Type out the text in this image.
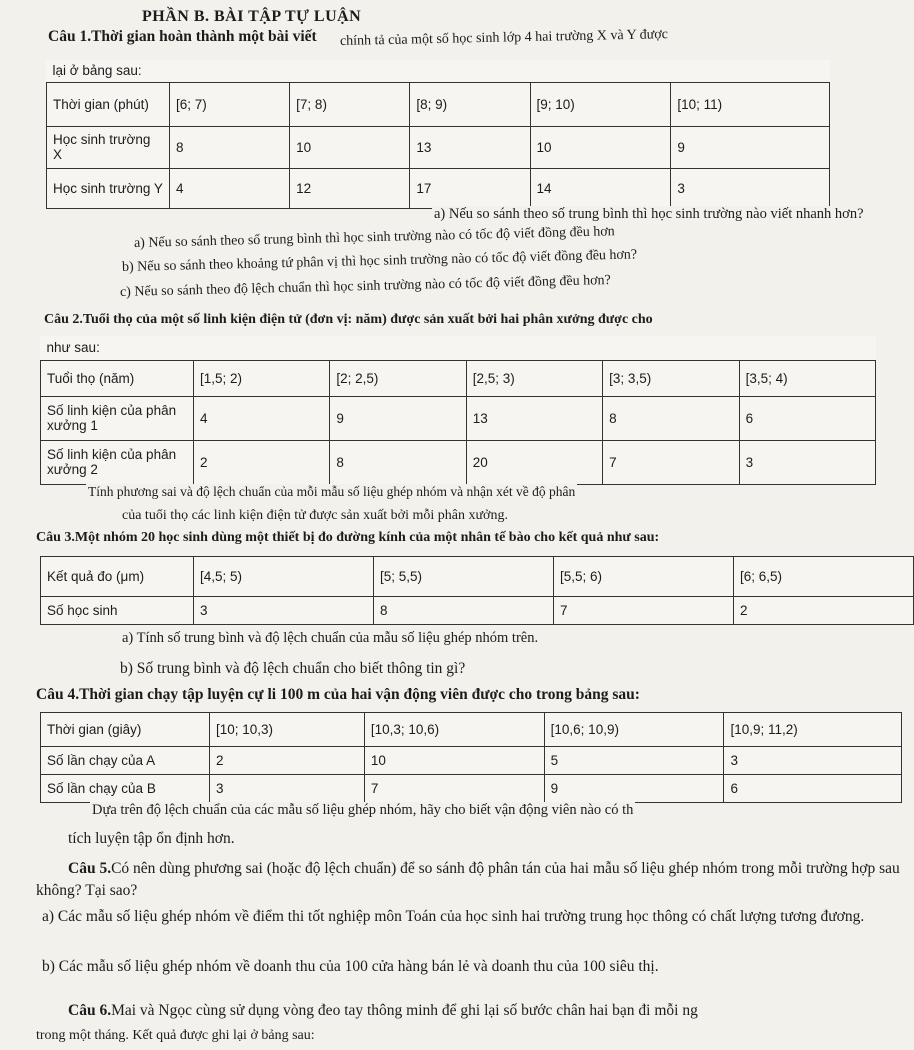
PHẦN B. BÀI TẬP TỰ LUẬN
Câu 1.Thời gian hoàn thành một bài viết chính tả của một số học sinh lớp 4 hai trường X và Y được
lại ở bảng sau:					
Thời gian (phút)	[6; 7)	[7; 8)	[8; 9)	[9; 10)	[10; 11)
Học sinh trường X	8	10	13	10	9
Học sinh trường Y	4	12	17	14	3
a) Nếu so sánh theo số trung bình thì học sinh trường nào viết nhanh hơn?
a) Nếu so sánh theo số trung bình thì học sinh trường nào có tốc độ viết đồng đều hơn
b) Nếu so sánh theo khoảng tứ phân vị thì học sinh trường nào có tốc độ viết đồng đều hơn?
c) Nếu so sánh theo độ lệch chuẩn thì học sinh trường nào có tốc độ viết đồng đều hơn?
Câu 2.Tuổi thọ của một số linh kiện điện tử (đơn vị: năm) được sản xuất bởi hai phân xưởng được cho
như sau:					
Tuổi thọ (năm)	[1,5; 2)	[2; 2,5)	[2,5; 3)	[3; 3,5)	[3,5; 4)
Số linh kiện của phân xưởng 1	4	9	13	8	6
Số linh kiện của phân xưởng 2	2	8	20	7	3
Tính phương sai và độ lệch chuẩn của mỗi mẫu số liệu ghép nhóm và nhận xét về độ phân
của tuổi thọ các linh kiện điện tử được sản xuất bởi mỗi phân xưởng.
Câu 3.Một nhóm 20 học sinh dùng một thiết bị đo đường kính của một nhân tế bào cho kết quả như sau:
Kết quả đo (μm)	[4,5; 5)	[5; 5,5)	[5,5; 6)	[6; 6,5)
Số học sinh	3	8	7	2
a) Tính số trung bình và độ lệch chuẩn của mẫu số liệu ghép nhóm trên.
b) Số trung bình và độ lệch chuẩn cho biết thông tin gì?
Câu 4.Thời gian chạy tập luyện cự li 100 m của hai vận động viên được cho trong bảng sau:
Thời gian (giây)	[10; 10,3)	[10,3; 10,6)	[10,6; 10,9)	[10,9; 11,2)
Số lần chạy của A	2	10	5	3
Số lần chạy của B	3	7	9	6
Dựa trên độ lệch chuẩn của các mẫu số liệu ghép nhóm, hãy cho biết vận động viên nào có th
tích luyện tập ổn định hơn.
Câu 5.Có nên dùng phương sai (hoặc độ lệch chuẩn) để so sánh độ phân tán của hai mẫu số liệu ghép nhóm trong mỗi trường hợp sau không? Tại sao?
a) Các mẫu số liệu ghép nhóm về điểm thi tốt nghiệp môn Toán của học sinh hai trường trung học thông có chất lượng tương đương.
b) Các mẫu số liệu ghép nhóm về doanh thu của 100 cửa hàng bán lẻ và doanh thu của 100 siêu thị.
Câu 6.Mai và Ngọc cùng sử dụng vòng đeo tay thông minh để ghi lại số bước chân hai bạn đi mỗi ng
trong một tháng. Kết quả được ghi lại ở bảng sau:
